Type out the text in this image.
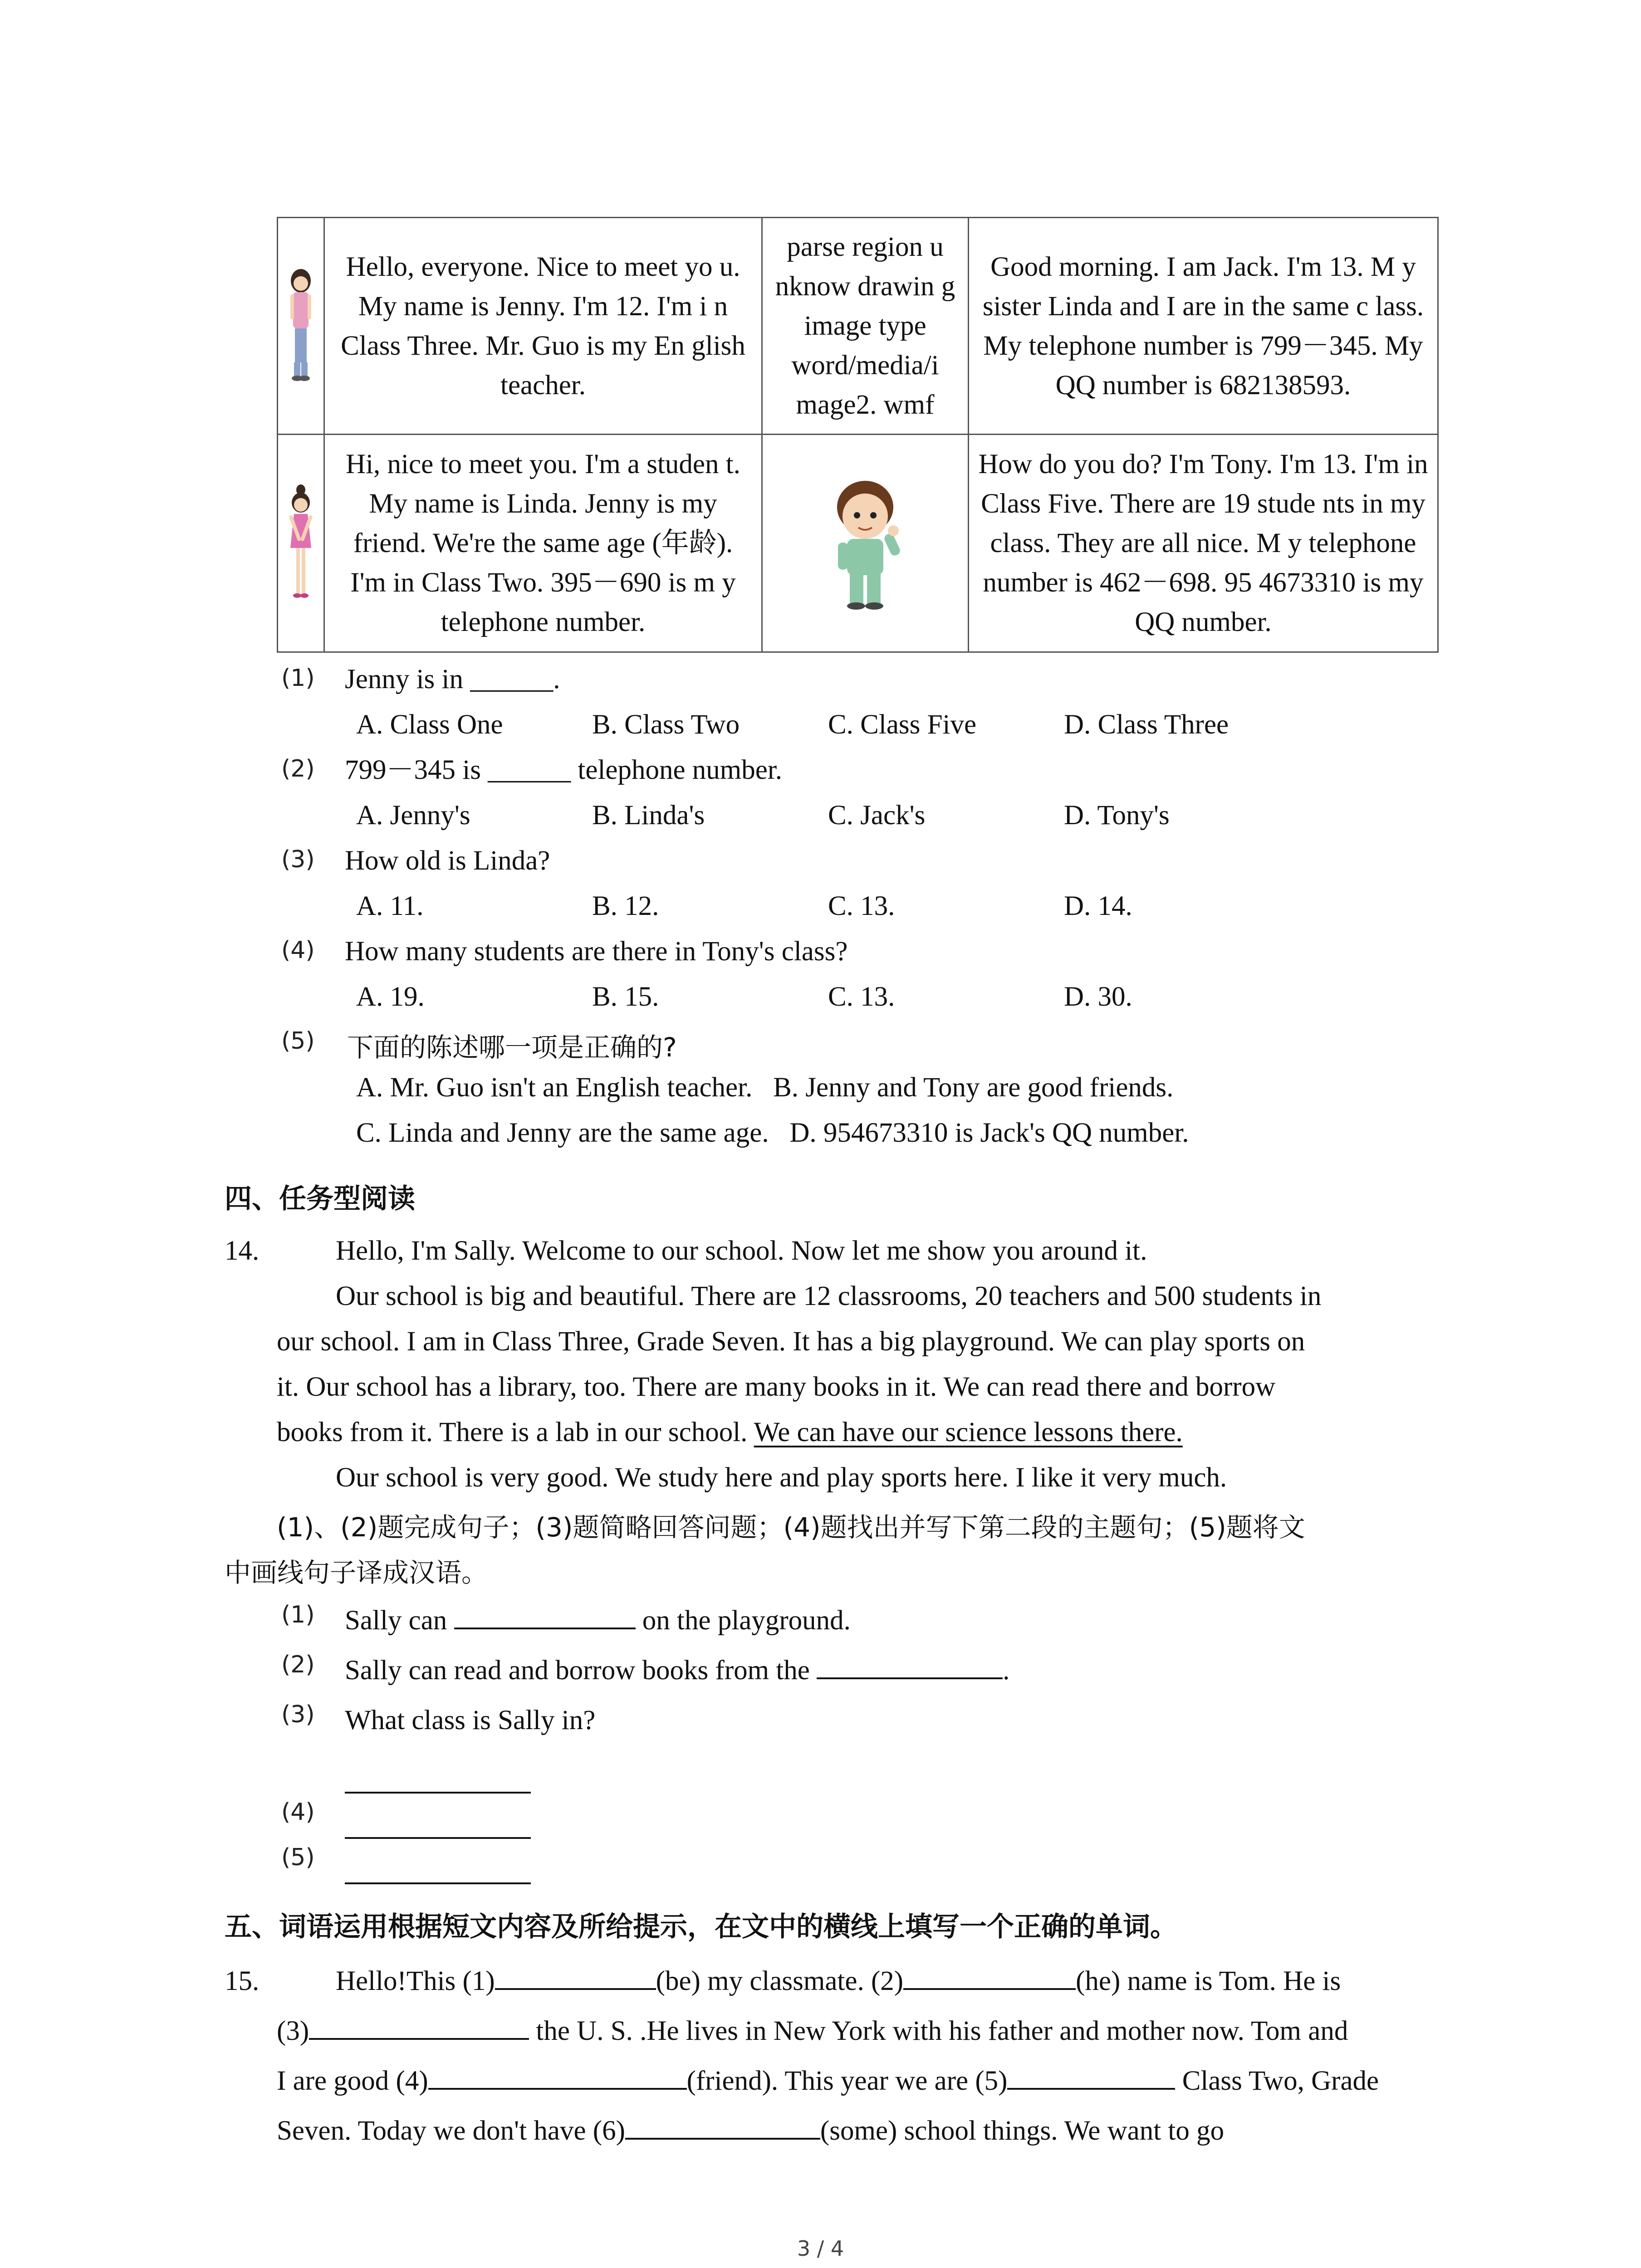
Hello, everyone. Nice to meet yo u. My name is Jenny. I'm 12. I'm i n Class Three. Mr. Guo is my En glish teacher.	parse region u nknow drawin g image type word/media/i mage2. wmf	Good morning. I am Jack. I'm 13. M y sister Linda and I are in the same c lass. My telephone number is 799－345. My QQ number is 682138593.

Hi, nice to meet you. I'm a studen t. My name is Linda. Jenny is my friend. We're the same age (年龄). I'm in Class Two. 395－690 is m y telephone number.		How do you do? I'm Tony. I'm 13. I'm in Class Five. There are 19 stude nts in my class. They are all nice. M y telephone number is 462－698. 95 4673310 is my QQ number.
(1) Jenny is in ______.
A. Class One	B. Class Two	C. Class Five	D. Class Three
(2) 799－345 is ______ telephone number.
A. Jenny's	B. Linda's	C. Jack's	D. Tony's
(3) How old is Linda?
A. 11.	B. 12.	C. 13.	D. 14.
(4) How many students are there in Tony's class?
A. 19.	B. 15.	C. 13.	D. 30.
(5) 下面的陈述哪一项是正确的?
A. Mr. Guo isn't an English teacher.   B. Jenny and Tony are good friends.
C. Linda and Jenny are the same age.   D. 954673310 is Jack's QQ number.
四、任务型阅读
14.	Hello, I'm Sally. Welcome to our school. Now let me show you around it.
Our school is big and beautiful. There are 12 classrooms, 20 teachers and 500 students in
our school. I am in Class Three, Grade Seven. It has a big playground. We can play sports on
it. Our school has a library, too. There are many books in it. We can read there and borrow
books from it. There is a lab in our school. We can have our science lessons there.
Our school is very good. We study here and play sports here. I like it very much.
(1)、(2)题完成句子；(3)题简略回答问题；(4)题找出并写下第二段的主题句；(5)题将文
中画线句子译成汉语。
(1) Sally can	on the playground.
(2) Sally can read and borrow books from the	.
(3) What class is Sally in?
(4)
(5)
五、词语运用根据短文内容及所给提示，在文中的横线上填写一个正确的单词。
15.	Hello!This (1)	(be) my classmate. (2)	(he) name is Tom. He is
(3)	the U. S. .He lives in New York with his father and mother now. Tom and
I are good (4)	(friend). This year we are (5)	Class Two, Grade
Seven. Today we don't have (6)	(some) school things. We want to go
3 / 4
